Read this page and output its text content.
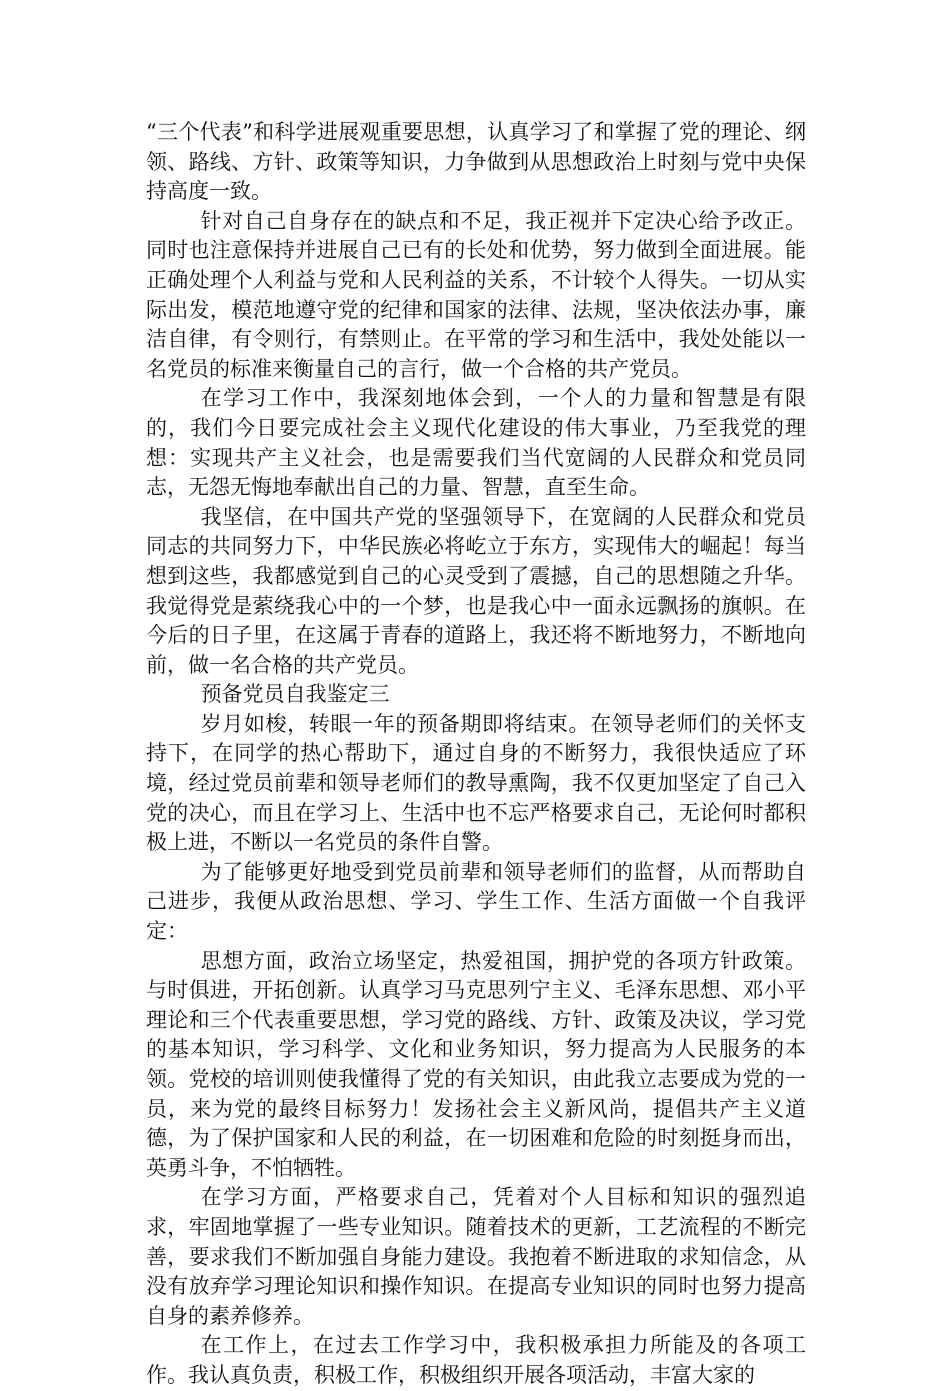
“三个代表”和科学进展观重要思想，认真学习了和掌握了党的理论、纲领、路线、方针、政策等知识，力争做到从思想政治上时刻与党中央保持高度一致。

针对自己自身存在的缺点和不足，我正视并下定决心给予改正。同时也注意保持并进展自己已有的长处和优势，努力做到全面进展。能正确处理个人利益与党和人民利益的关系，不计较个人得失。一切从实际出发，模范地遵守党的纪律和国家的法律、法规，坚决依法办事，廉洁自律，有令则行，有禁则止。在平常的学习和生活中，我处处能以一名党员的标准来衡量自己的言行，做一个合格的共产党员。

在学习工作中，我深刻地体会到，一个人的力量和智慧是有限的，我们今日要完成社会主义现代化建设的伟大事业，乃至我党的理想：实现共产主义社会，也是需要我们当代宽阔的人民群众和党员同志，无怨无悔地奉献出自己的力量、智慧，直至生命。

我坚信，在中国共产党的坚强领导下，在宽阔的人民群众和党员同志的共同努力下，中华民族必将屹立于东方，实现伟大的崛起！每当想到这些，我都感觉到自己的心灵受到了震撼，自己的思想随之升华。我觉得党是萦绕我心中的一个梦，也是我心中一面永远飘扬的旗帜。在今后的日子里，在这属于青春的道路上，我还将不断地努力，不断地向前，做一名合格的共产党员。

预备党员自我鉴定三

岁月如梭，转眼一年的预备期即将结束。在领导老师们的关怀支持下，在同学的热心帮助下，通过自身的不断努力，我很快适应了环境，经过党员前辈和领导老师们的教导熏陶，我不仅更加坚定了自己入党的决心，而且在学习上、生活中也不忘严格要求自己，无论何时都积极上进，不断以一名党员的条件自警。

为了能够更好地受到党员前辈和领导老师们的监督，从而帮助自己进步，我便从政治思想、学习、学生工作、生活方面做一个自我评定：

思想方面，政治立场坚定，热爱祖国，拥护党的各项方针政策。与时俱进，开拓创新。认真学习马克思列宁主义、毛泽东思想、邓小平理论和三个代表重要思想，学习党的路线、方针、政策及决议，学习党的基本知识，学习科学、文化和业务知识，努力提高为人民服务的本领。党校的培训则使我懂得了党的有关知识，由此我立志要成为党的一员，来为党的最终目标努力！发扬社会主义新风尚，提倡共产主义道德，为了保护国家和人民的利益，在一切困难和危险的时刻挺身而出，英勇斗争，不怕牺牲。

在学习方面，严格要求自己，凭着对个人目标和知识的强烈追求，牢固地掌握了一些专业知识。随着技术的更新，工艺流程的不断完善，要求我们不断加强自身能力建设。我抱着不断进取的求知信念，从没有放弃学习理论知识和操作知识。在提高专业知识的同时也努力提高自身的素养修养。

在工作上，在过去工作学习中，我积极承担力所能及的各项工作。我认真负责，积极工作，积极组织开展各项活动，丰富大家的
